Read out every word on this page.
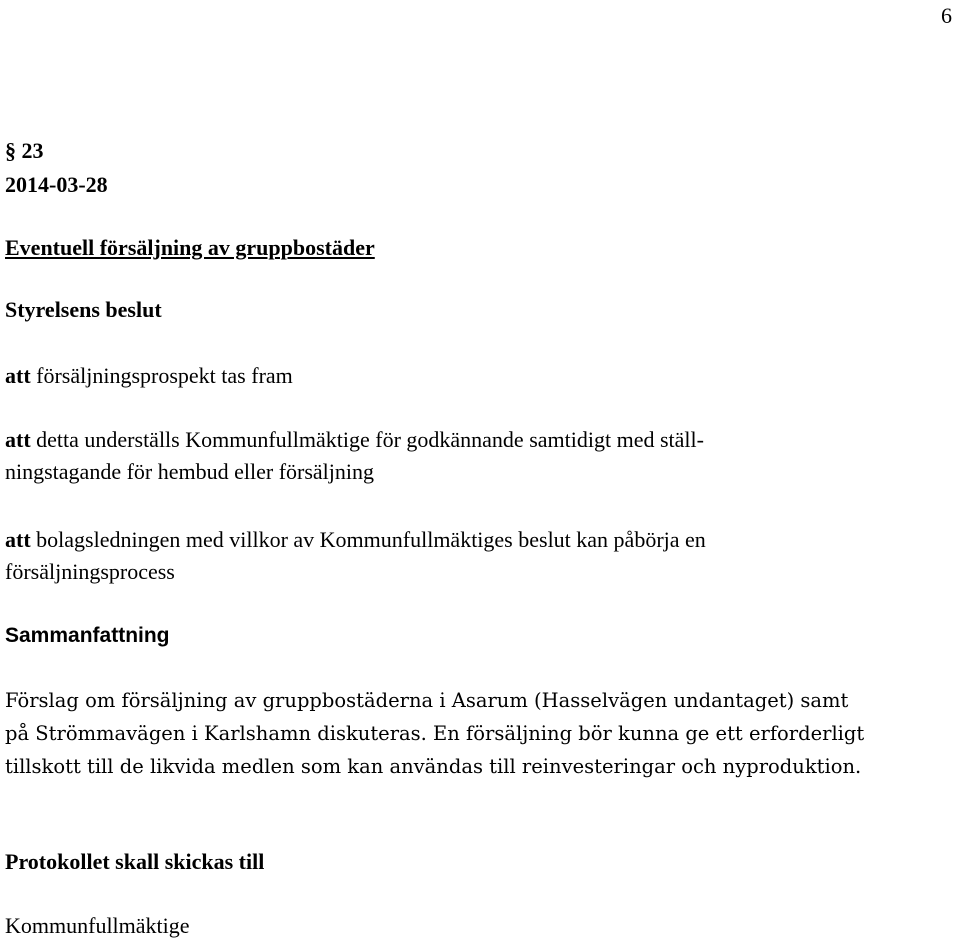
6
§ 23
2014-03-28
Eventuell försäljning av gruppbostäder
Styrelsens beslut
att försäljningsprospekt tas fram
att detta underställs Kommunfullmäktige för godkännande samtidigt med ställ-
ningstagande för hembud eller försäljning
att bolagsledningen med villkor av Kommunfullmäktiges beslut kan påbörja en
försäljningsprocess
Sammanfattning
Förslag om försäljning av gruppbostäderna i Asarum (Hasselvägen undantaget) samt
på Strömmavägen i Karlshamn diskuteras. En försäljning bör kunna ge ett erforderligt
tillskott till de likvida medlen som kan användas till reinvesteringar och nyproduktion.
Protokollet skall skickas till
Kommunfullmäktige
